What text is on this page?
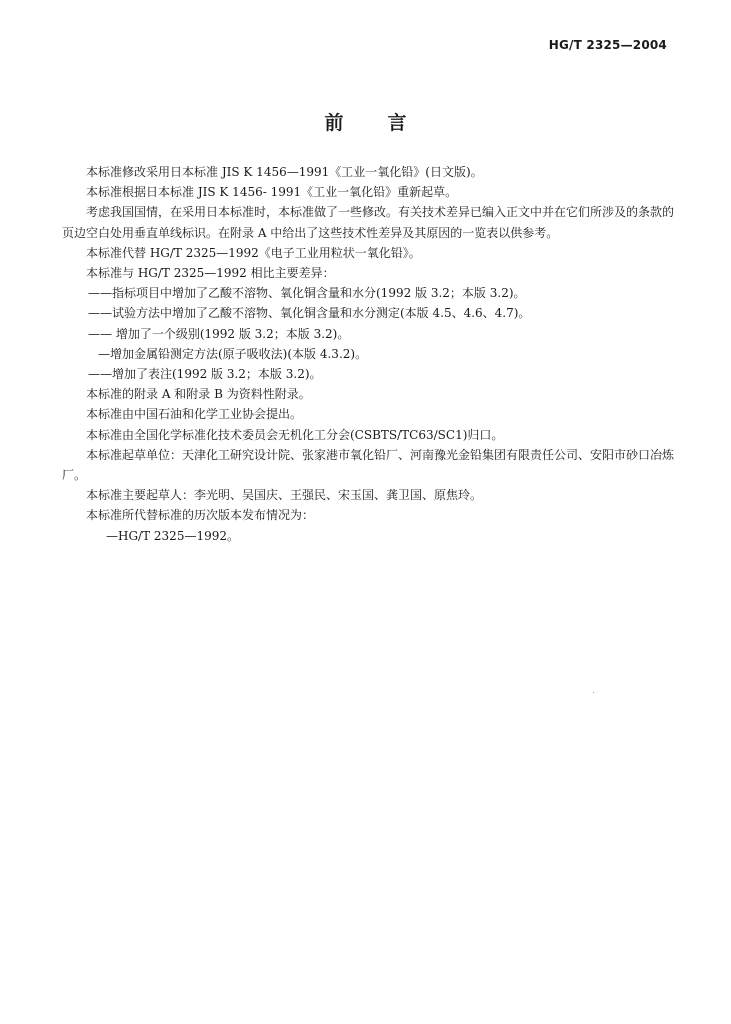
HG/T 2325—2004
前言

本标准修改采用日本标准 JIS K 1456—1991《工业一氧化铅》(日文版)。

本标准根据日本标准 JIS K 1456- 1991《工业一氧化铅》重新起草。

考虑我国国情，在采用日本标准时，本标准做了一些修改。有关技术差异已编入正文中并在它们所涉及的条款的页边空白处用垂直单线标识。在附录 A 中给出了这些技术性差异及其原因的一览表以供参考。

本标准代替 HG/T 2325—1992《电子工业用粒状一氧化铅》。

本标准与 HG/T 2325—1992 相比主要差异：

——指标项目中增加了乙酸不溶物、氧化铜含量和水分(1992 版 3.2；本版 3.2)。

——试验方法中增加了乙酸不溶物、氧化铜含量和水分测定(本版 4.5、4.6、4.7)。

—— 增加了一个级别(1992 版 3.2；本版 3.2)。

—增加金属铅测定方法(原子吸收法)(本版 4.3.2)。

——增加了表注(1992 版 3.2；本版 3.2)。

本标准的附录 A 和附录 B 为资料性附录。

本标准由中国石油和化学工业协会提出。

本标准由全国化学标准化技术委员会无机化工分会(CSBTS/TC63/SC1)归口。

本标准起草单位：天津化工研究设计院、张家港市氧化铅厂、河南豫光金铅集团有限责任公司、安阳市砂口冶炼厂。

本标准主要起草人：李光明、吴国庆、王强民、宋玉国、龚卫国、原焦玲。

本标准所代替标准的历次版本发布情况为：

—HG/T 2325—1992。
